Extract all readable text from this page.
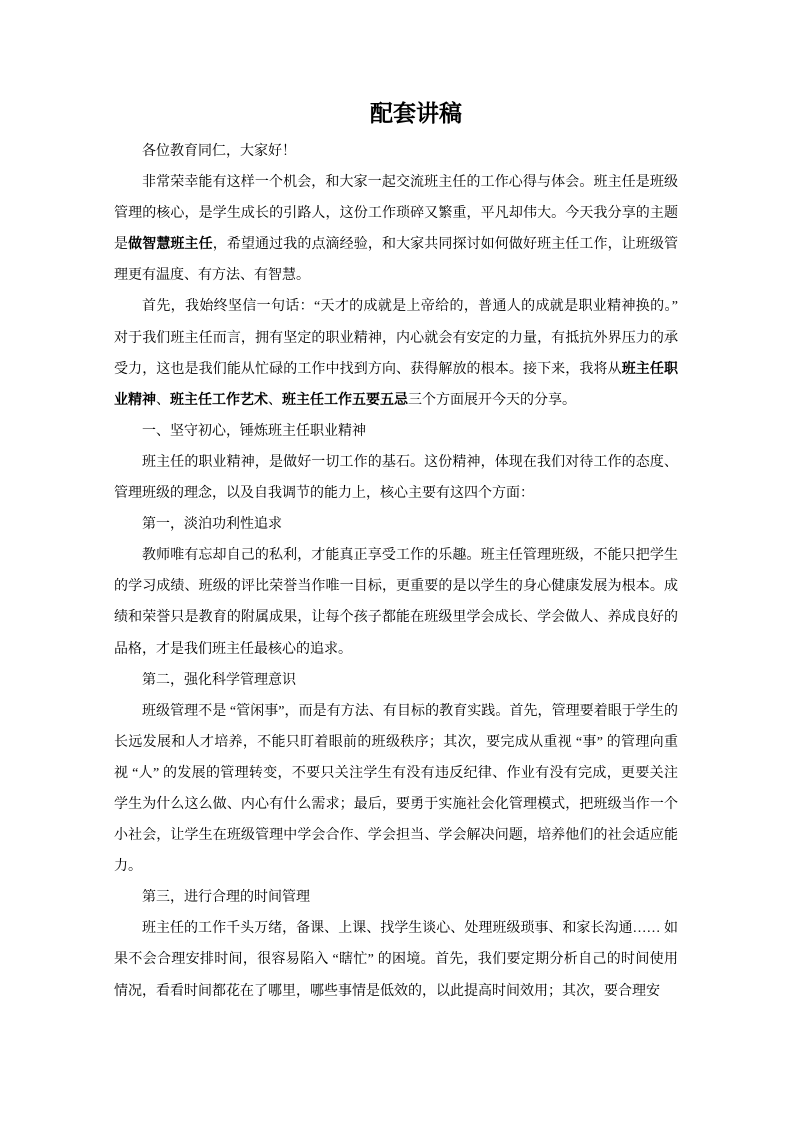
配套讲稿

各位教育同仁，大家好！

非常荣幸能有这样一个机会，和大家一起交流班主任的工作心得与体会。班主任是班级管理的核心，是学生成长的引路人，这份工作琐碎又繁重，平凡却伟大。今天我分享的主题是做智慧班主任，希望通过我的点滴经验，和大家共同探讨如何做好班主任工作，让班级管理更有温度、有方法、有智慧。

首先，我始终坚信一句话：“天才的成就是上帝给的，普通人的成就是职业精神换的。” 对于我们班主任而言，拥有坚定的职业精神，内心就会有安定的力量，有抵抗外界压力的承受力，这也是我们能从忙碌的工作中找到方向、获得解放的根本。接下来，我将从班主任职业精神、班主任工作艺术、班主任工作五要五忌三个方面展开今天的分享。

一、坚守初心，锤炼班主任职业精神

班主任的职业精神，是做好一切工作的基石。这份精神，体现在我们对待工作的态度、管理班级的理念，以及自我调节的能力上，核心主要有这四个方面：

第一，淡泊功利性追求

教师唯有忘却自己的私利，才能真正享受工作的乐趣。班主任管理班级，不能只把学生的学习成绩、班级的评比荣誉当作唯一目标，更重要的是以学生的身心健康发展为根本。成绩和荣誉只是教育的附属成果，让每个孩子都能在班级里学会成长、学会做人、养成良好的品格，才是我们班主任最核心的追求。

第二，强化科学管理意识

班级管理不是 “管闲事”，而是有方法、有目标的教育实践。首先，管理要着眼于学生的长远发展和人才培养，不能只盯着眼前的班级秩序；其次，要完成从重视 “事” 的管理向重视 “人” 的发展的管理转变，不要只关注学生有没有违反纪律、作业有没有完成，更要关注学生为什么这么做、内心有什么需求；最后，要勇于实施社会化管理模式，把班级当作一个小社会，让学生在班级管理中学会合作、学会担当、学会解决问题，培养他们的社会适应能力。

第三，进行合理的时间管理

班主任的工作千头万绪，备课、上课、找学生谈心、处理班级琐事、和家长沟通…… 如果不会合理安排时间，很容易陷入 “瞎忙” 的困境。首先，我们要定期分析自己的时间使用情况，看看时间都花在了哪里，哪些事情是低效的，以此提高时间效用；其次，要合理安
